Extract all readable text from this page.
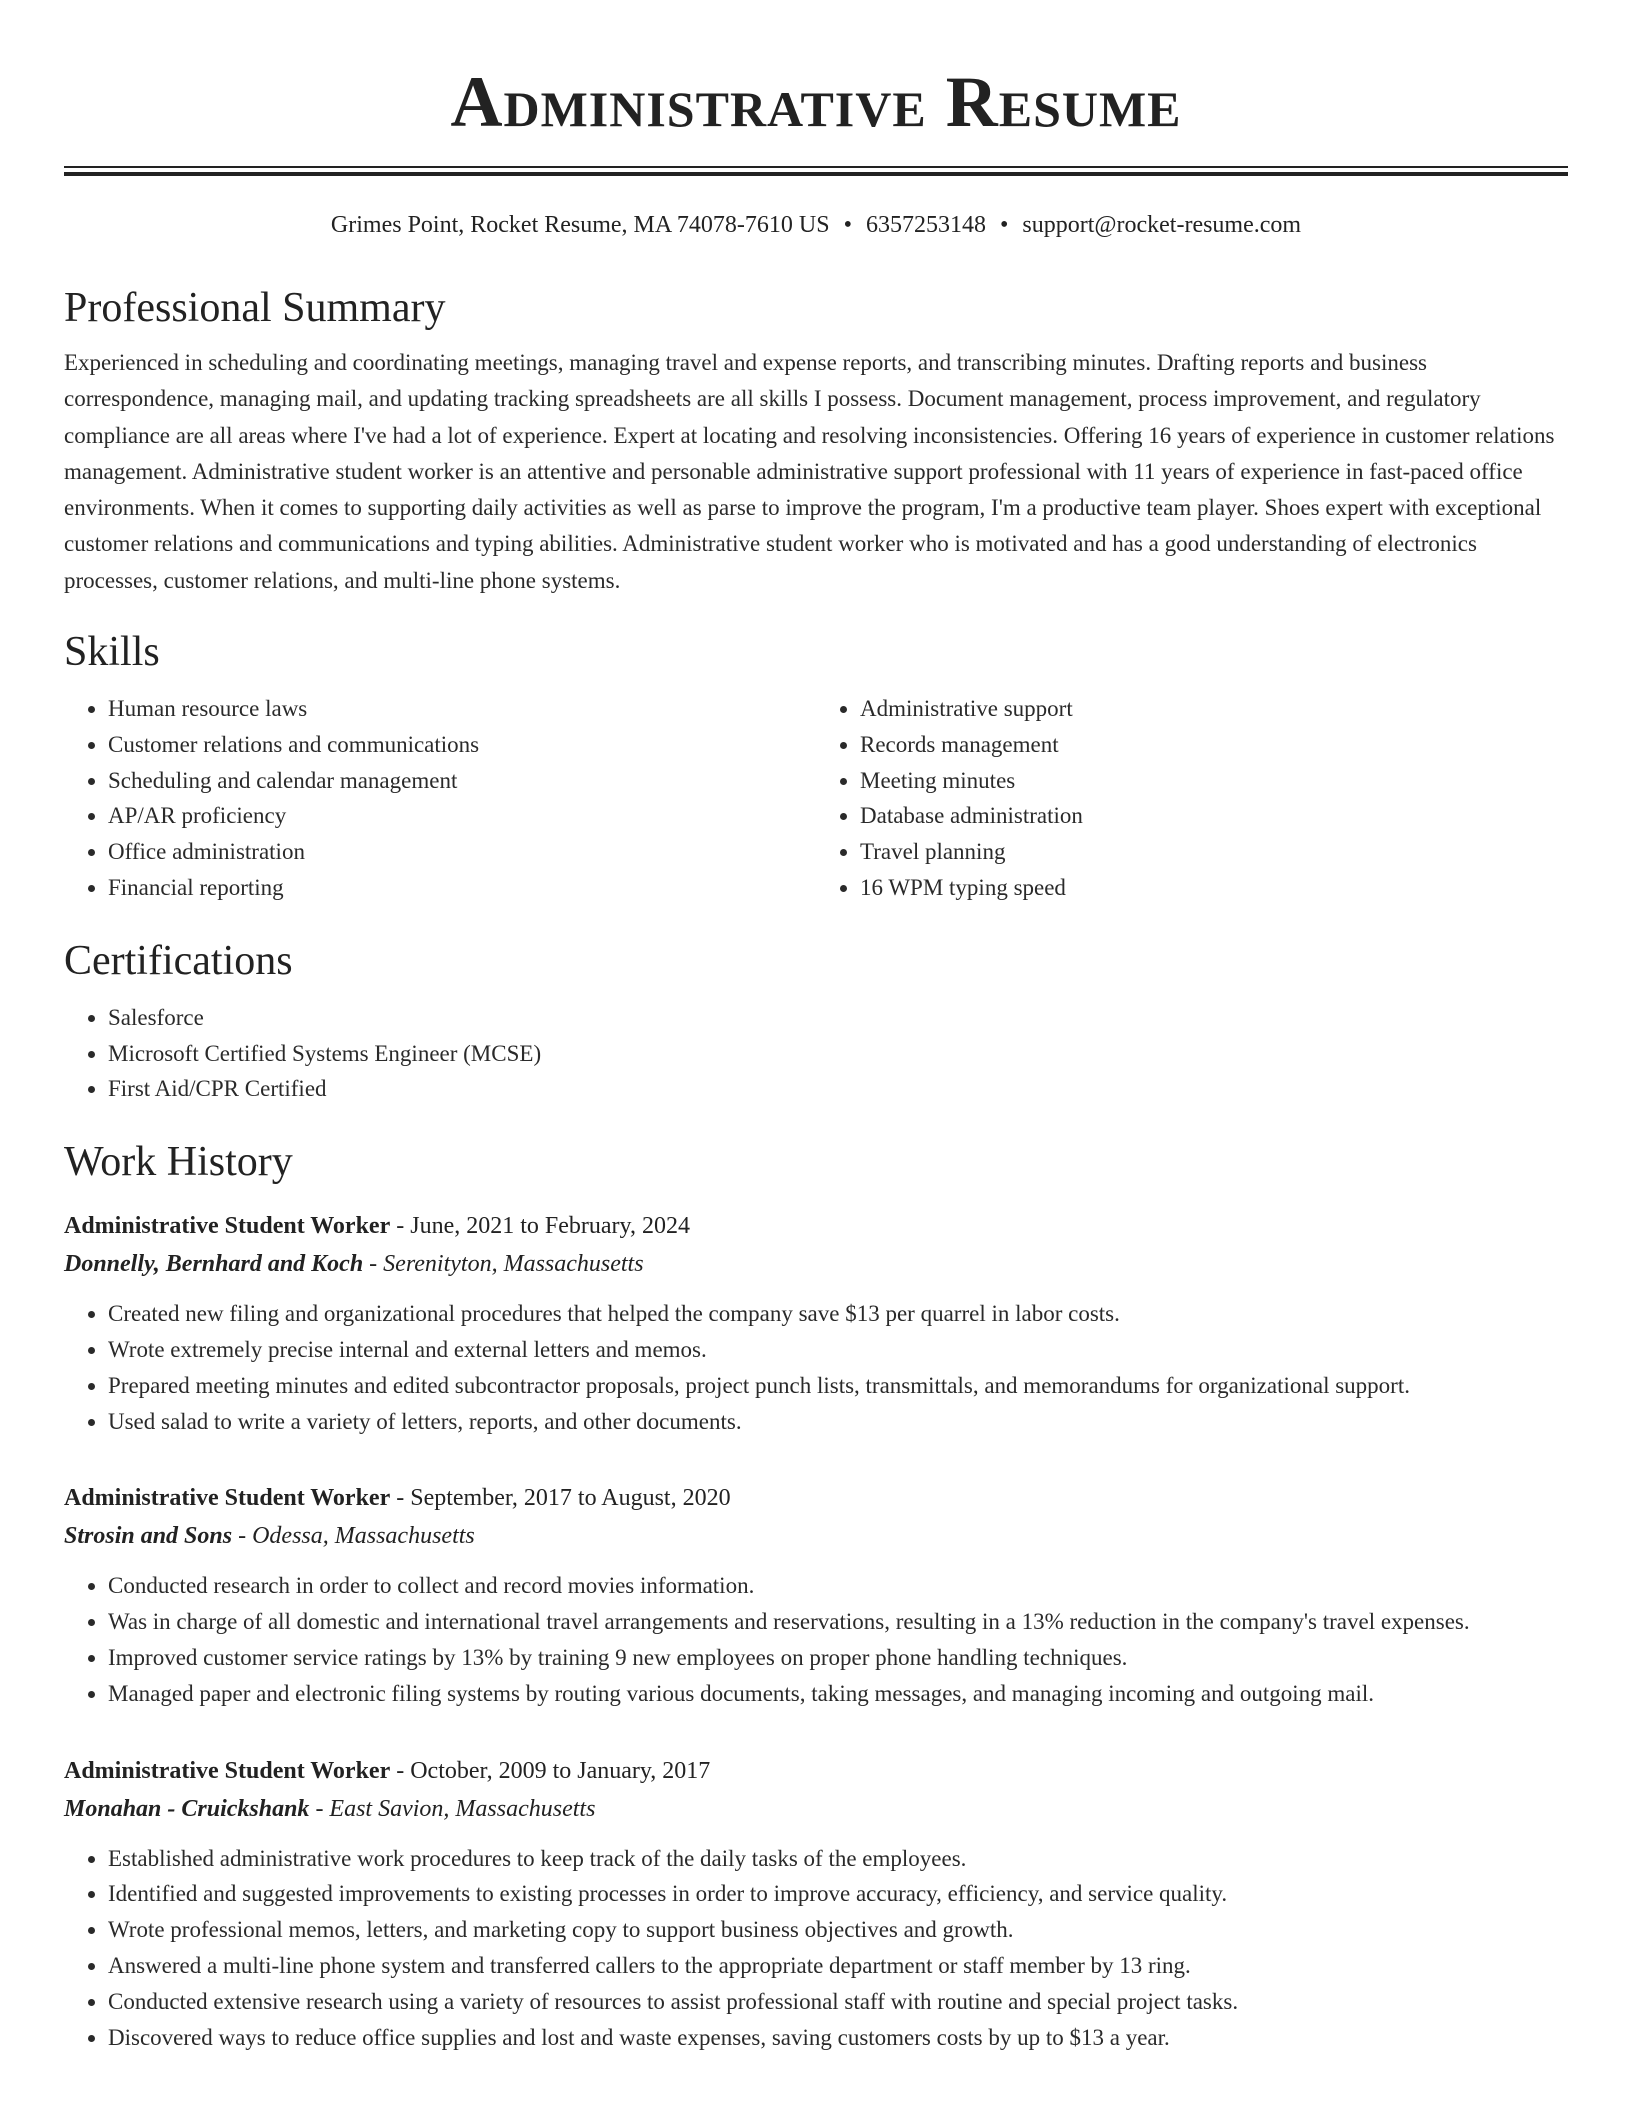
Administrative Resume
Grimes Point, Rocket Resume, MA 74078-7610 US • 6357253148 • support@rocket-resume.com
Professional Summary

Experienced in scheduling and coordinating meetings, managing travel and expense reports, and transcribing minutes. Drafting reports and business correspondence, managing mail, and updating tracking spreadsheets are all skills I possess. Document management, process improvement, and regulatory compliance are all areas where I've had a lot of experience. Expert at locating and resolving inconsistencies. Offering 16 years of experience in customer relations management. Administrative student worker is an attentive and personable administrative support professional with 11 years of experience in fast-paced office environments. When it comes to supporting daily activities as well as parse to improve the program, I'm a productive team player. Shoes expert with exceptional customer relations and communications and typing abilities. Administrative student worker who is motivated and has a good understanding of electronics processes, customer relations, and multi-line phone systems.

Skills
• Human resource laws
• Customer relations and communications
• Scheduling and calendar management
• AP/AR proficiency
• Office administration
• Financial reporting
• Administrative support
• Records management
• Meeting minutes
• Database administration
• Travel planning
• 16 WPM typing speed
Certifications
• Salesforce
• Microsoft Certified Systems Engineer (MCSE)
• First Aid/CPR Certified
Work History
Administrative Student Worker - June, 2021 to February, 2024
Donnelly, Bernhard and Koch - Serenityton, Massachusetts
• Created new filing and organizational procedures that helped the company save $13 per quarrel in labor costs.
• Wrote extremely precise internal and external letters and memos.
• Prepared meeting minutes and edited subcontractor proposals, project punch lists, transmittals, and memorandums for organizational support.
• Used salad to write a variety of letters, reports, and other documents.
Administrative Student Worker - September, 2017 to August, 2020
Strosin and Sons - Odessa, Massachusetts
• Conducted research in order to collect and record movies information.
• Was in charge of all domestic and international travel arrangements and reservations, resulting in a 13% reduction in the company's travel expenses.
• Improved customer service ratings by 13% by training 9 new employees on proper phone handling techniques.
• Managed paper and electronic filing systems by routing various documents, taking messages, and managing incoming and outgoing mail.
Administrative Student Worker - October, 2009 to January, 2017
Monahan - Cruickshank - East Savion, Massachusetts
• Established administrative work procedures to keep track of the daily tasks of the employees.
• Identified and suggested improvements to existing processes in order to improve accuracy, efficiency, and service quality.
• Wrote professional memos, letters, and marketing copy to support business objectives and growth.
• Answered a multi-line phone system and transferred callers to the appropriate department or staff member by 13 ring.
• Conducted extensive research using a variety of resources to assist professional staff with routine and special project tasks.
• Discovered ways to reduce office supplies and lost and waste expenses, saving customers costs by up to $13 a year.
